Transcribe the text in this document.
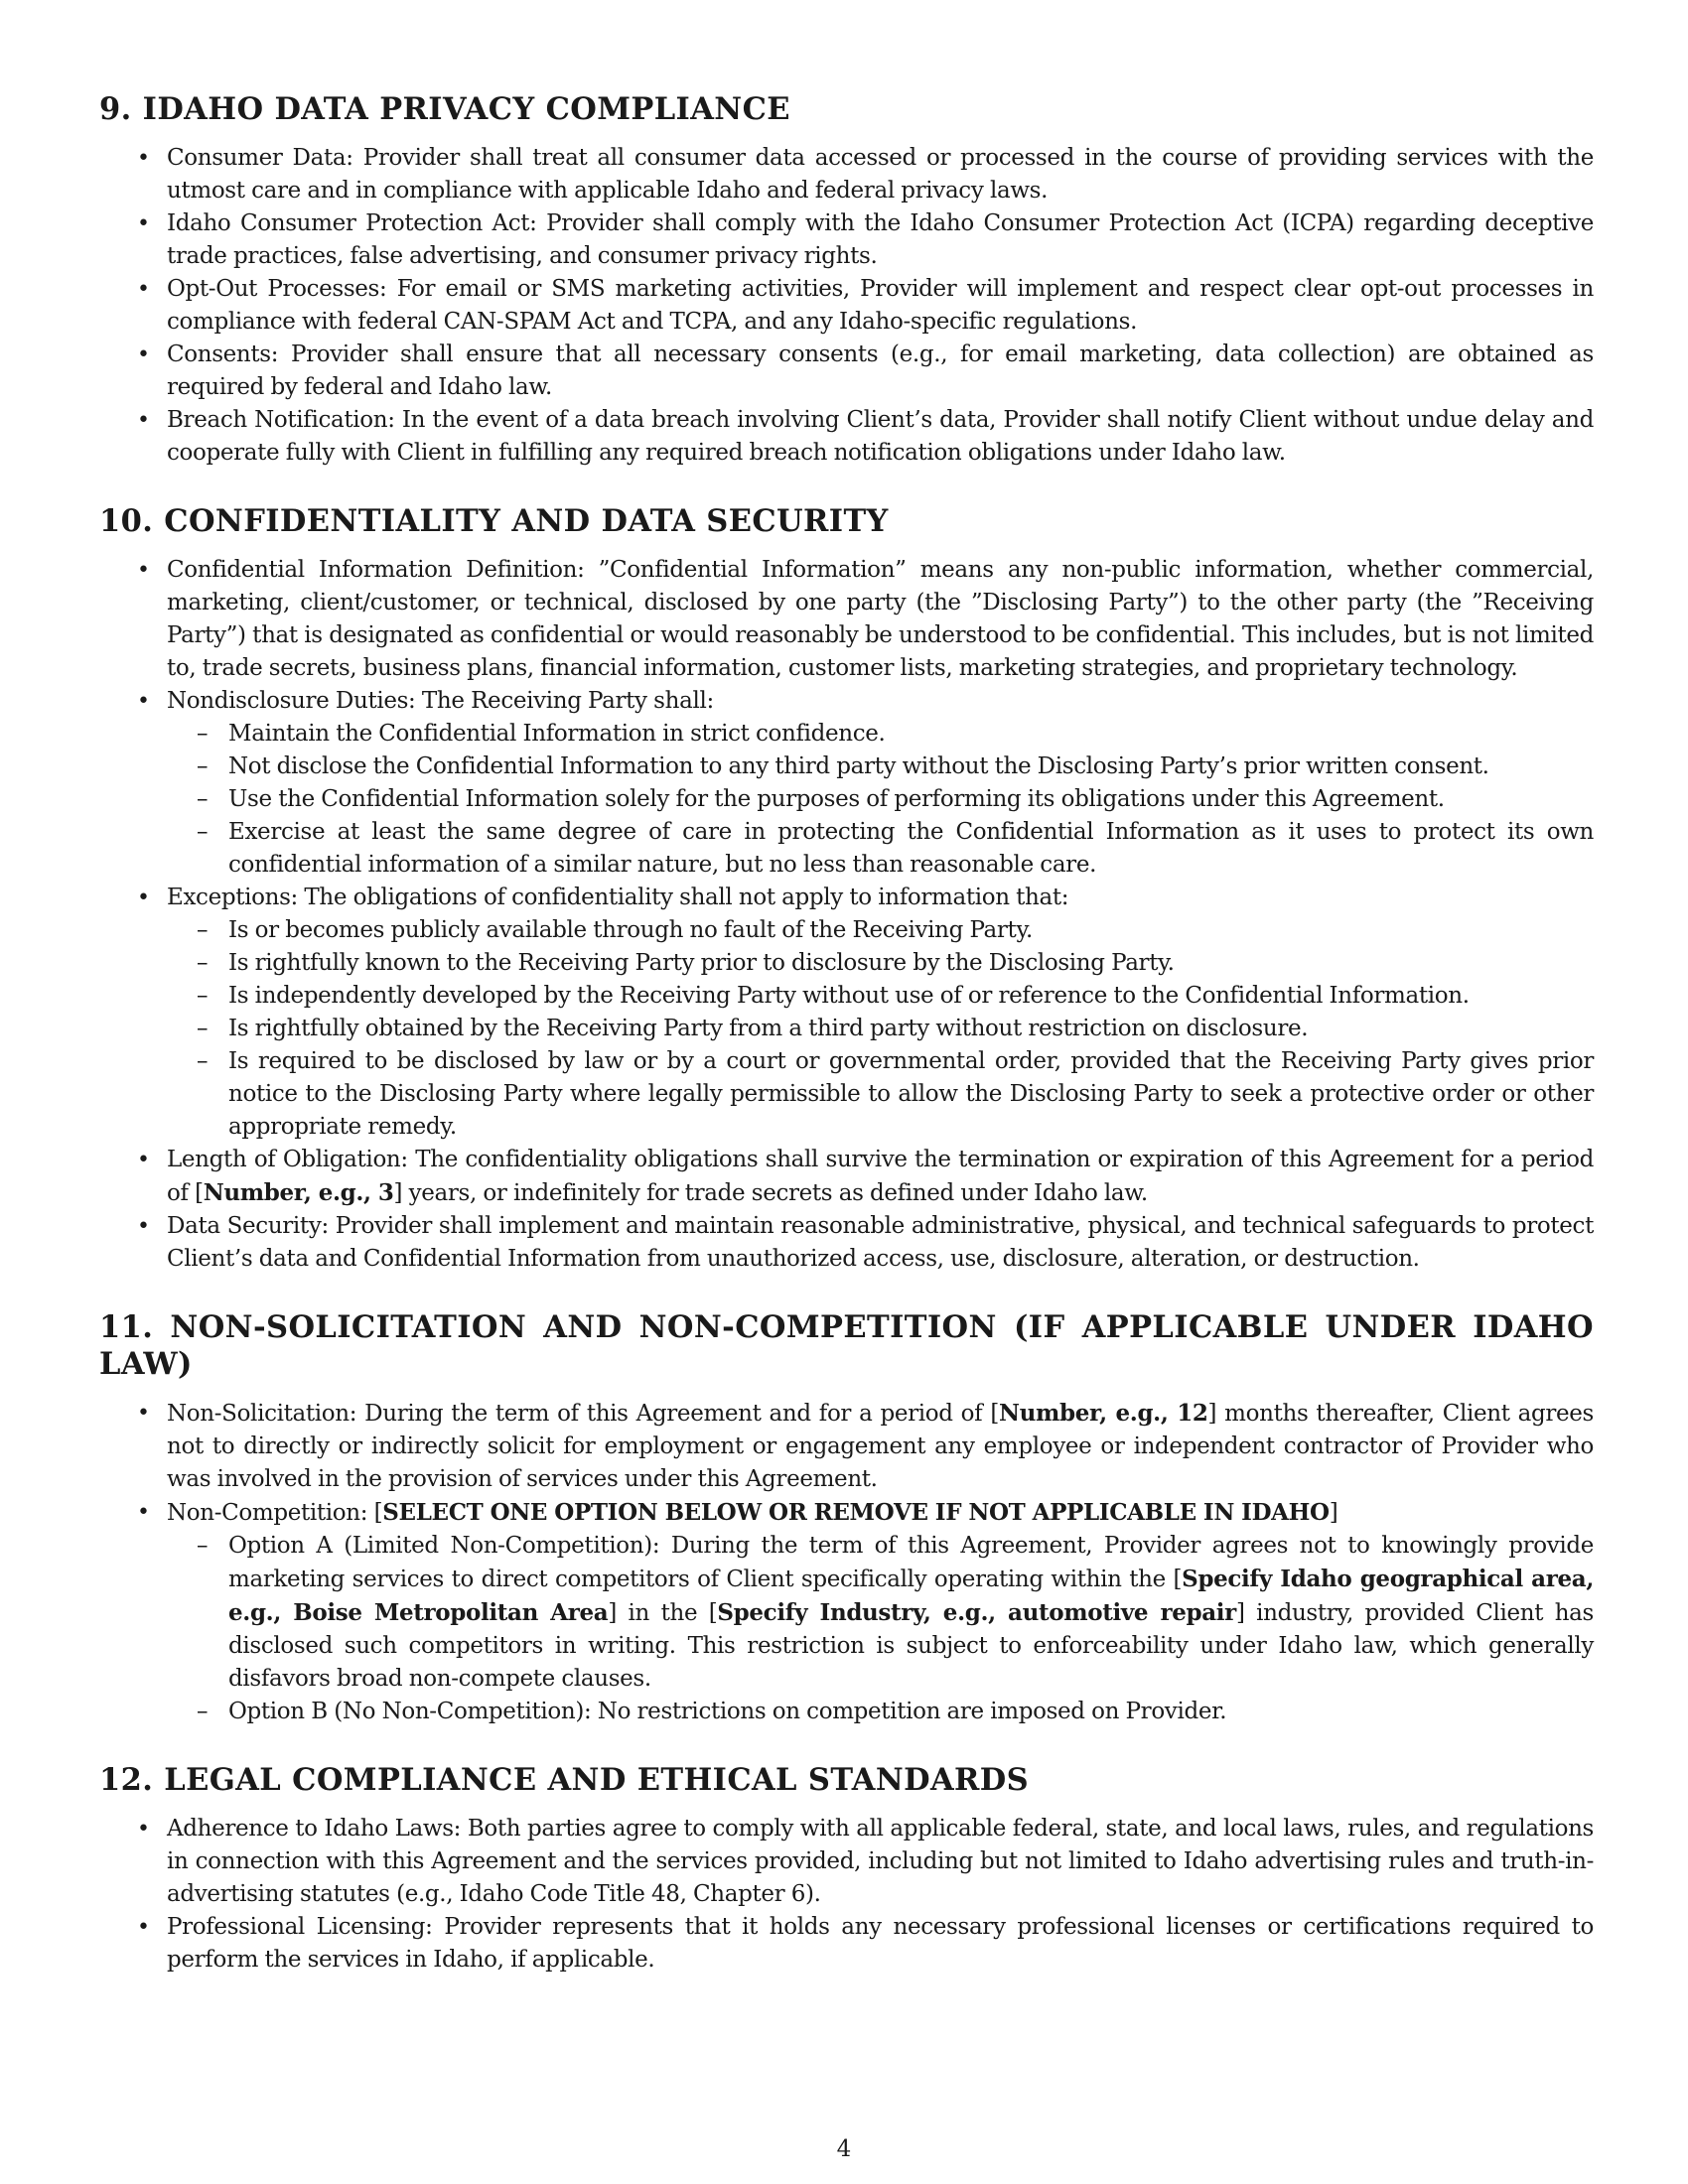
9. IDAHO DATA PRIVACY COMPLIANCE
• Consumer Data: Provider shall treat all consumer data accessed or processed in the course of providing services with the utmost care and in compliance with applicable Idaho and federal privacy laws.
• Idaho Consumer Protection Act: Provider shall comply with the Idaho Consumer Protection Act (ICPA) regarding deceptive trade practices, false advertising, and consumer privacy rights.
• Opt-Out Processes: For email or SMS marketing activities, Provider will implement and respect clear opt-out processes in compliance with federal CAN-SPAM Act and TCPA, and any Idaho-specific regulations.
• Consents: Provider shall ensure that all necessary consents (e.g., for email marketing, data collection) are obtained as required by federal and Idaho law.
• Breach Notification: In the event of a data breach involving Client’s data, Provider shall notify Client without undue delay and cooperate fully with Client in fulfilling any required breach notification obligations under Idaho law.
10. CONFIDENTIALITY AND DATA SECURITY
• Confidential Information Definition: ”Confidential Information” means any non-public information, whether commercial, marketing, client/customer, or technical, disclosed by one party (the ”Disclosing Party”) to the other party (the ”Receiving Party”) that is designated as confidential or would reasonably be understood to be confidential. This includes, but is not limited to, trade secrets, business plans, financial information, customer lists, marketing strategies, and proprietary technology.
• Nondisclosure Duties: The Receiving Party shall:
– Maintain the Confidential Information in strict confidence.
– Not disclose the Confidential Information to any third party without the Disclosing Party’s prior written consent.
– Use the Confidential Information solely for the purposes of performing its obligations under this Agreement.
– Exercise at least the same degree of care in protecting the Confidential Information as it uses to protect its own confidential information of a similar nature, but no less than reasonable care.
• Exceptions: The obligations of confidentiality shall not apply to information that:
– Is or becomes publicly available through no fault of the Receiving Party.
– Is rightfully known to the Receiving Party prior to disclosure by the Disclosing Party.
– Is independently developed by the Receiving Party without use of or reference to the Confidential Information.
– Is rightfully obtained by the Receiving Party from a third party without restriction on disclosure.
– Is required to be disclosed by law or by a court or governmental order, provided that the Receiving Party gives prior notice to the Disclosing Party where legally permissible to allow the Disclosing Party to seek a protective order or other appropriate remedy.
• Length of Obligation: The confidentiality obligations shall survive the termination or expiration of this Agreement for a period of [Number, e.g., 3] years, or indefinitely for trade secrets as defined under Idaho law.
• Data Security: Provider shall implement and maintain reasonable administrative, physical, and technical safeguards to protect Client’s data and Confidential Information from unauthorized access, use, disclosure, alteration, or destruction.
11. NON-SOLICITATION AND NON-COMPETITION (IF APPLICABLE UNDER IDAHO LAW)
• Non-Solicitation: During the term of this Agreement and for a period of [Number, e.g., 12] months thereafter, Client agrees not to directly or indirectly solicit for employment or engagement any employee or independent contractor of Provider who was involved in the provision of services under this Agreement.
• Non-Competition: [SELECT ONE OPTION BELOW OR REMOVE IF NOT APPLICABLE IN IDAHO]
– Option A (Limited Non-Competition): During the term of this Agreement, Provider agrees not to knowingly provide marketing services to direct competitors of Client specifically operating within the [Specify Idaho geographical area, e.g., Boise Metropolitan Area] in the [Specify Industry, e.g., automotive repair] industry, provided Client has disclosed such competitors in writing. This restriction is subject to enforceability under Idaho law, which generally disfavors broad non-compete clauses.
– Option B (No Non-Competition): No restrictions on competition are imposed on Provider.
12. LEGAL COMPLIANCE AND ETHICAL STANDARDS
• Adherence to Idaho Laws: Both parties agree to comply with all applicable federal, state, and local laws, rules, and regulations in connection with this Agreement and the services provided, including but not limited to Idaho advertising rules and truth-in-advertising statutes (e.g., Idaho Code Title 48, Chapter 6).
• Professional Licensing: Provider represents that it holds any necessary professional licenses or certifications required to perform the services in Idaho, if applicable.
4
